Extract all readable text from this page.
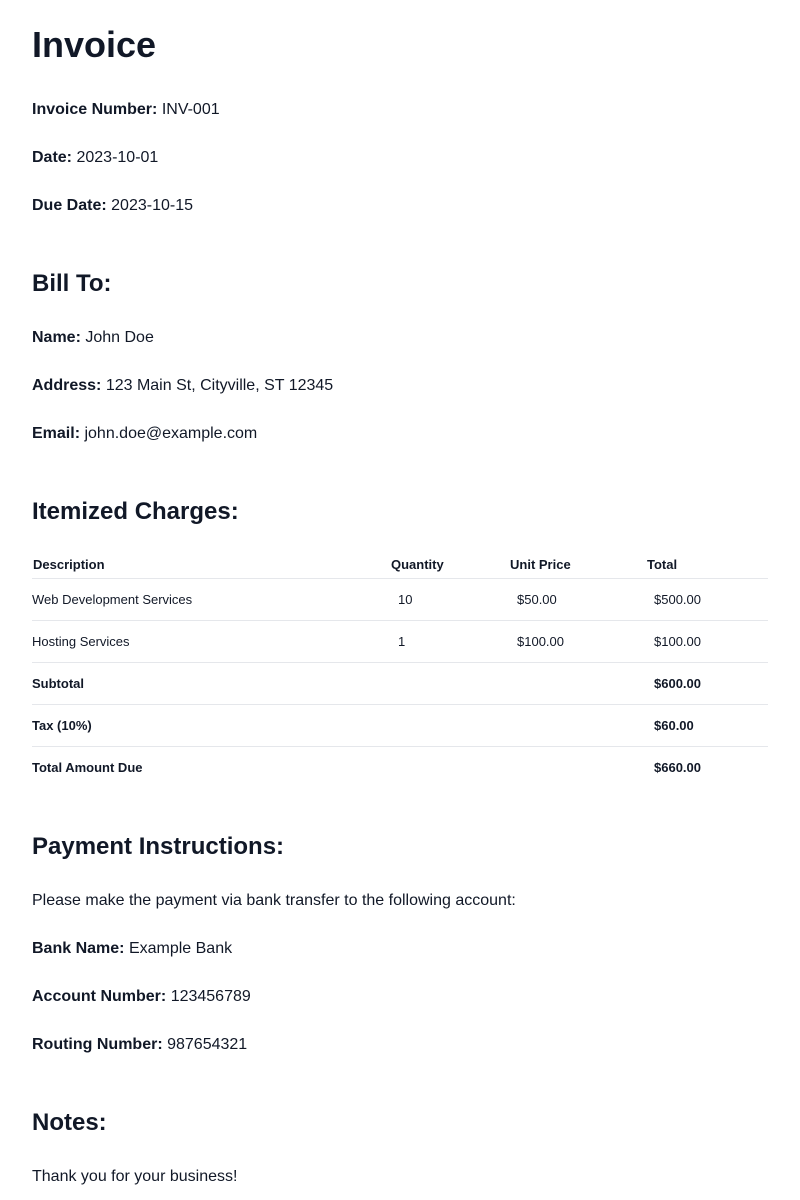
Invoice

Invoice Number: INV-001

Date: 2023-10-01

Due Date: 2023-10-15

Bill To:

Name: John Doe

Address: 123 Main St, Cityville, ST 12345

Email: john.doe@example.com

Itemized Charges:
Description	Quantity	Unit Price	Total
Web Development Services	10	$50.00	$500.00
Hosting Services	1	$100.00	$100.00
Subtotal			$600.00
Tax (10%)			$60.00
Total Amount Due			$660.00
Payment Instructions:

Please make the payment via bank transfer to the following account:

Bank Name: Example Bank

Account Number: 123456789

Routing Number: 987654321

Notes:

Thank you for your business!
